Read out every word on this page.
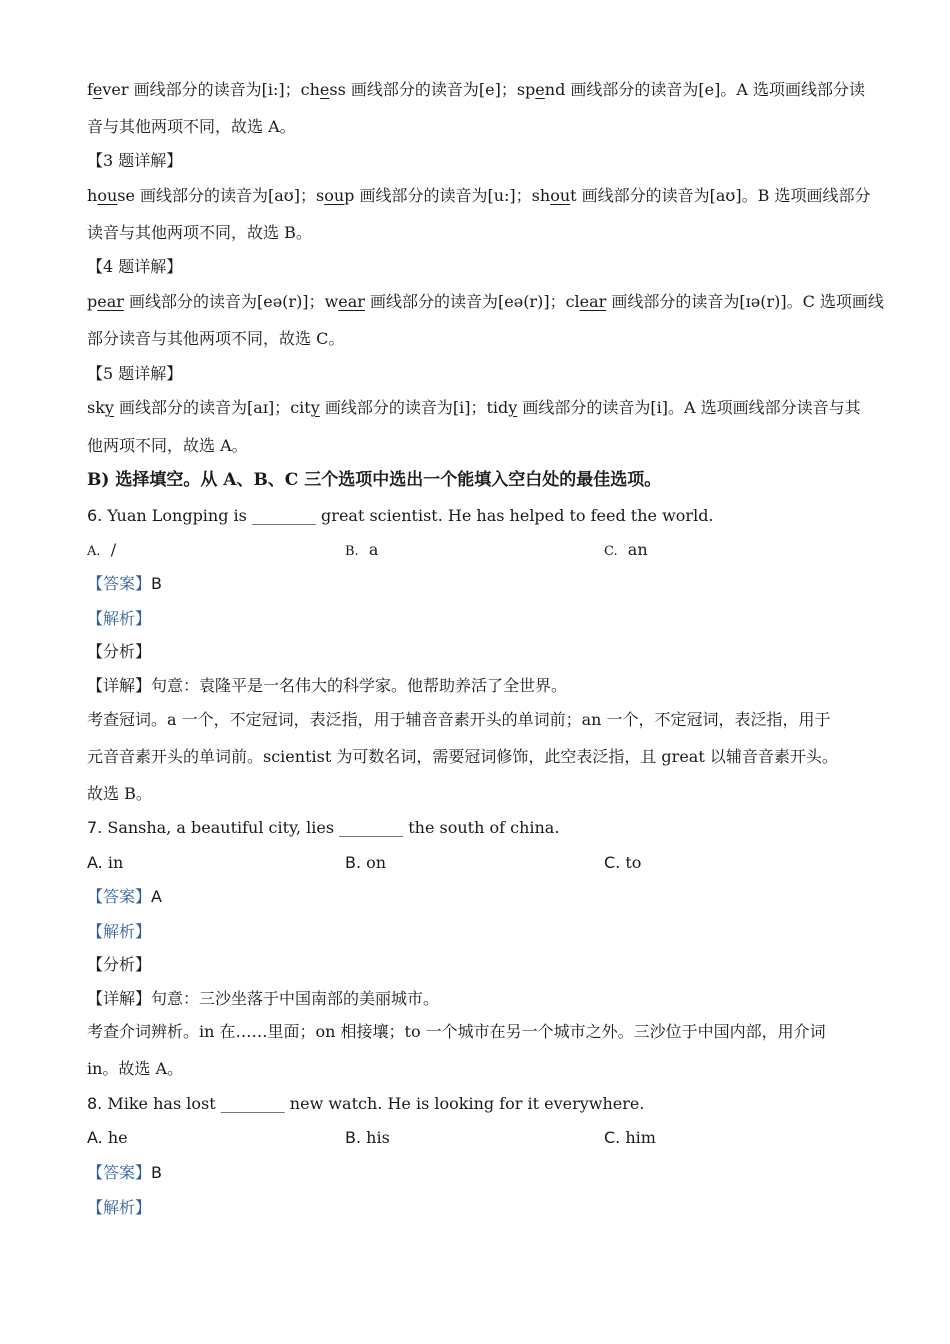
fever 画线部分的读音为[i:]；chess 画线部分的读音为[e]；spend 画线部分的读音为[e]。A 选项画线部分读
音与其他两项不同，故选 A。
【3 题详解】
house 画线部分的读音为[aʊ]；soup 画线部分的读音为[u:]；shout 画线部分的读音为[aʊ]。B 选项画线部分
读音与其他两项不同，故选 B。
【4 题详解】
pear 画线部分的读音为[eə(r)]；wear 画线部分的读音为[eə(r)]；clear 画线部分的读音为[ɪə(r)]。C 选项画线
部分读音与其他两项不同，故选 C。
【5 题详解】
sky 画线部分的读音为[aɪ]；city 画线部分的读音为[i]；tidy 画线部分的读音为[i]。A 选项画线部分读音与其
他两项不同，故选 A。
B) 选择填空。从 A、B、C 三个选项中选出一个能填入空白处的最佳选项。
6. Yuan Longping is ________ great scientist. He has helped to feed the world.
A. /	B. a	C. an
【答案】B
【解析】
【分析】
【详解】句意：袁隆平是一名伟大的科学家。他帮助养活了全世界。
考查冠词。a 一个，不定冠词，表泛指，用于辅音音素开头的单词前；an 一个，不定冠词，表泛指，用于
元音音素开头的单词前。scientist 为可数名词，需要冠词修饰，此空表泛指，且 great 以辅音音素开头。
故选 B。
7. Sansha, a beautiful city, lies ________ the south of china.
A. in	B. on	C. to
【答案】A
【解析】
【分析】
【详解】句意：三沙坐落于中国南部的美丽城市。
考查介词辨析。in 在……里面；on 相接壤；to 一个城市在另一个城市之外。三沙位于中国内部，用介词
in。故选 A。
8. Mike has lost ________ new watch. He is looking for it everywhere.
A. he	B. his	C. him
【答案】B
【解析】
